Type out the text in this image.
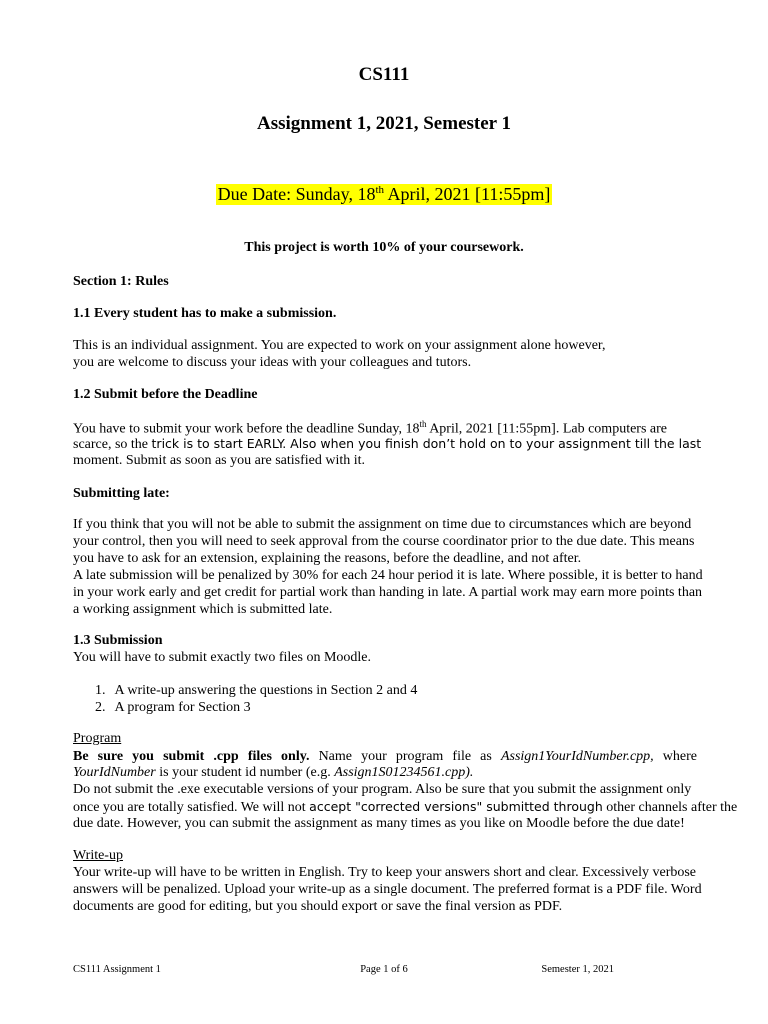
CS111
Assignment 1, 2021, Semester 1
Due Date: Sunday, 18th April, 2021 [11:55pm]
This project is worth 10% of your coursework.
Section 1: Rules
1.1 Every student has to make a submission.
This is an individual assignment. You are expected to work on your assignment alone however,
you are welcome to discuss your ideas with your colleagues and tutors.
1.2 Submit before the Deadline
You have to submit your work before the deadline Sunday, 18th April, 2021 [11:55pm]. Lab computers are
scarce, so the trick is to start EARLY. Also when you finish don’t hold on to your assignment till the last
moment. Submit as soon as you are satisfied with it.
Submitting late:
If you think that you will not be able to submit the assignment on time due to circumstances which are beyond
your control, then you will need to seek approval from the course coordinator prior to the due date. This means
you have to ask for an extension, explaining the reasons, before the deadline, and not after.
A late submission will be penalized by 30% for each 24 hour period it is late. Where possible, it is better to hand
in your work early and get credit for partial work than handing in late. A partial work may earn more points than
a working assignment which is submitted late.
1.3 Submission
You will have to submit exactly two files on Moodle.
1. A write-up answering the questions in Section 2 and 4
2. A program for Section 3
Program
Be sure you submit .cpp files only. Name your program file as Assign1YourIdNumber.cpp, where
YourIdNumber is your student id number (e.g. Assign1S01234561.cpp).
Do not submit the .exe executable versions of your program. Also be sure that you submit the assignment only
once you are totally satisfied. We will not accept "corrected versions" submitted through other channels after the
due date. However, you can submit the assignment as many times as you like on Moodle before the due date!
Write-up
Your write-up will have to be written in English. Try to keep your answers short and clear. Excessively verbose
answers will be penalized. Upload your write-up as a single document. The preferred format is a PDF file. Word
documents are good for editing, but you should export or save the final version as PDF.
CS111 Assignment 1	Page 1 of 6	Semester 1, 2021
